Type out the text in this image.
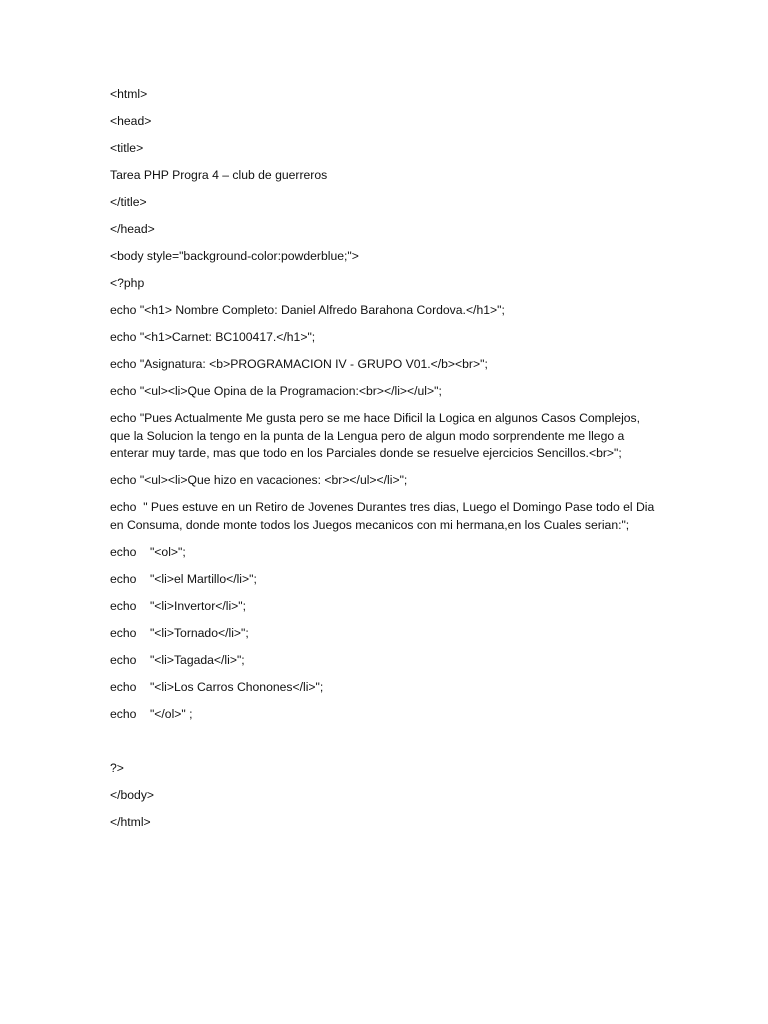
<html>
<head>
<title>
Tarea PHP Progra 4 – club de guerreros
</title>
</head>
<body style="background-color:powderblue;">
<?php
echo "<h1> Nombre Completo: Daniel Alfredo Barahona Cordova.</h1>";
echo "<h1>Carnet: BC100417.</h1>";
echo "Asignatura: <b>PROGRAMACION IV - GRUPO V01.</b><br>";
echo "<ul><li>Que Opina de la Programacion:<br></li></ul>";
echo "Pues Actualmente Me gusta pero se me hace Dificil la Logica en algunos Casos Complejos, que la Solucion la tengo en la punta de la Lengua pero de algun modo sorprendente me llego a enterar muy tarde, mas que todo en los Parciales donde se resuelve ejercicios Sencillos.<br>";
echo "<ul><li>Que hizo en vacaciones: <br></ul></li>";
echo  " Pues estuve en un Retiro de Jovenes Durantes tres dias, Luego el Domingo Pase todo el Dia en Consuma, donde monte todos los Juegos mecanicos con mi hermana,en los Cuales serian:";
echo    "<ol>";
echo    "<li>el Martillo</li>";
echo    "<li>Invertor</li>";
echo    "<li>Tornado</li>";
echo    "<li>Tagada</li>";
echo    "<li>Los Carros Chonones</li>";
echo    "</ol>" ;
?>
</body>
</html>
